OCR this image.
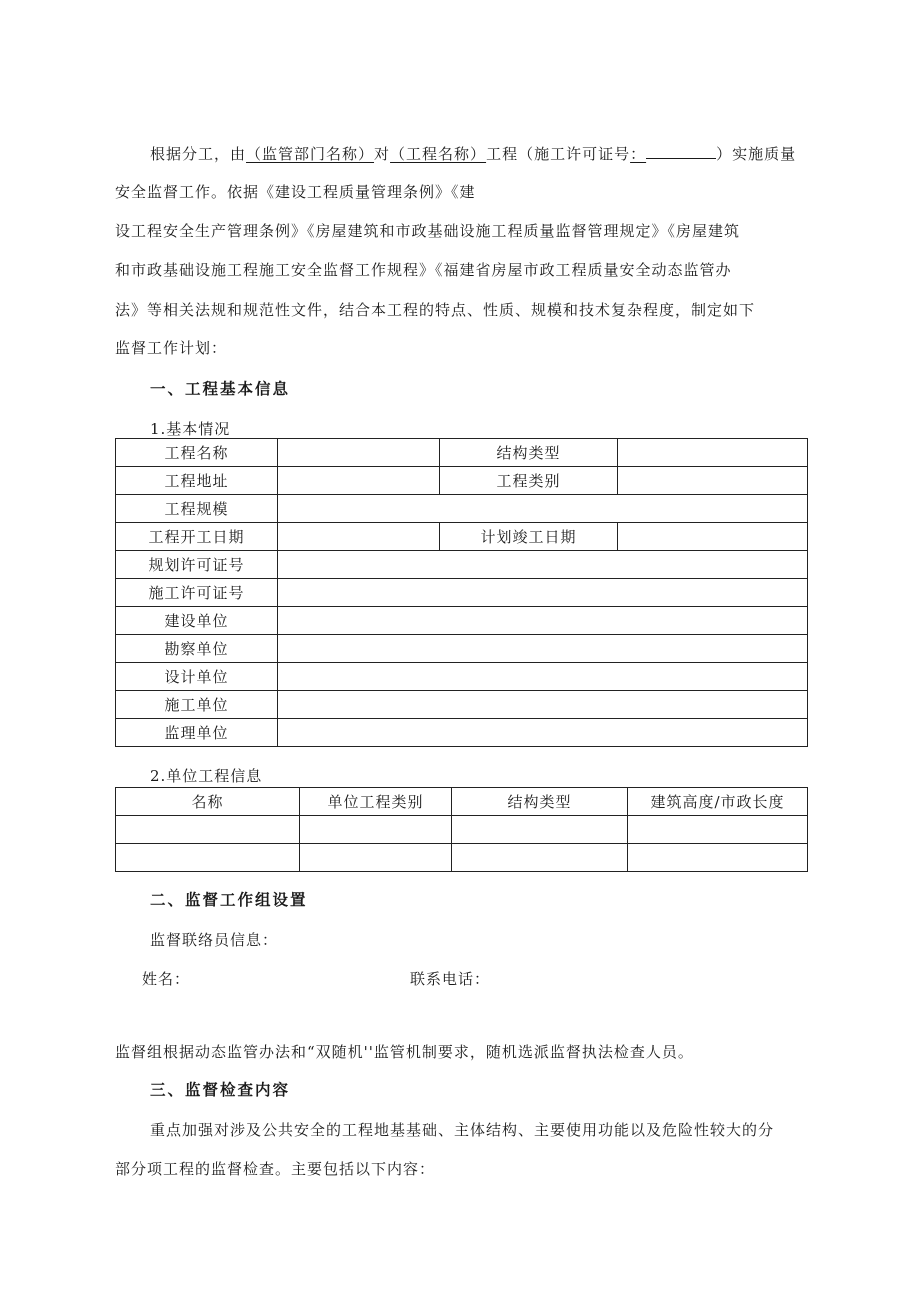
根据分工，由（监管部门名称）对（工程名称）工程（施工许可证号：	）实施质量
安全监督工作。依据《建设工程质量管理条例》《建
设工程安全生产管理条例》《房屋建筑和市政基础设施工程质量监督管理规定》《房屋建筑
和市政基础设施工程施工安全监督工作规程》《福建省房屋市政工程质量安全动态监管办
法》等相关法规和规范性文件，结合本工程的特点、性质、规模和技术复杂程度，制定如下
监督工作计划：
一、工程基本信息
1.基本情况
工程名称		结构类型	
工程地址		工程类别	
工程规模			
工程开工日期		计划竣工日期	
规划许可证号			
施工许可证号			
建设单位			
勘察单位			
设计单位			
施工单位			
监理单位			
2.单位工程信息
名称	单位工程类别	结构类型	建筑高度/市政长度

二、监督工作组设置
监督联络员信息：
姓名：	联系电话：
监督组根据动态监管办法和“双随机''监管机制要求，随机选派监督执法检查人员。
三、监督检查内容
重点加强对涉及公共安全的工程地基基础、主体结构、主要使用功能以及危险性较大的分
部分项工程的监督检查。主要包括以下内容：
